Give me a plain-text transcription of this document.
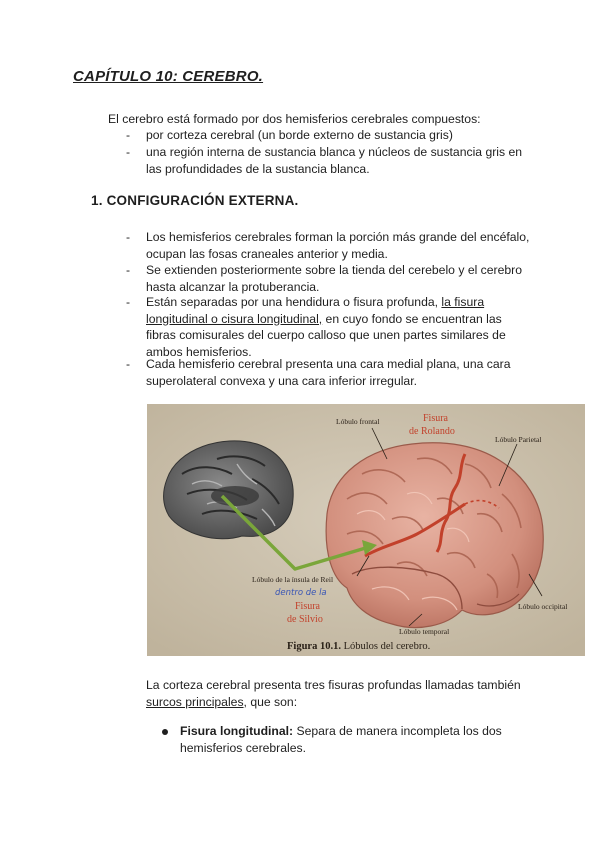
CAPÍTULO 10: CEREBRO.
El cerebro está formado por dos hemisferios cerebrales compuestos:
- por corteza cerebral (un borde externo de sustancia gris)
- una región interna de sustancia blanca y núcleos de sustancia gris en las profundidades de la sustancia blanca.
1. CONFIGURACIÓN EXTERNA.
- Los hemisferios cerebrales forman la porción más grande del encéfalo, ocupan las fosas craneales anterior y media.
- Se extienden posteriormente sobre la tienda del cerebelo y el cerebro hasta alcanzar la protuberancia.
- Están separadas por una hendidura o fisura profunda, la fisura longitudinal o cisura longitudinal, en cuyo fondo se encuentran las fibras comisurales del cuerpo calloso que unen partes similares de ambos hemisferios.
- Cada hemisferio cerebral presenta una cara medial plana, una cara superolateral convexa y una cara inferior irregular.
Lóbulo frontal	Fisura
de Rolando
Lóbulo Parietal
Lóbulo de la ínsula de Reil
dentro de la
Fisura
de Silvio
Lóbulo temporal
Lóbulo occipital
Figura 10.1. Lóbulos del cerebro.
La corteza cerebral presenta tres fisuras profundas llamadas también surcos principales, que son:
Fisura longitudinal: Separa de manera incompleta los dos hemisferios cerebrales.
